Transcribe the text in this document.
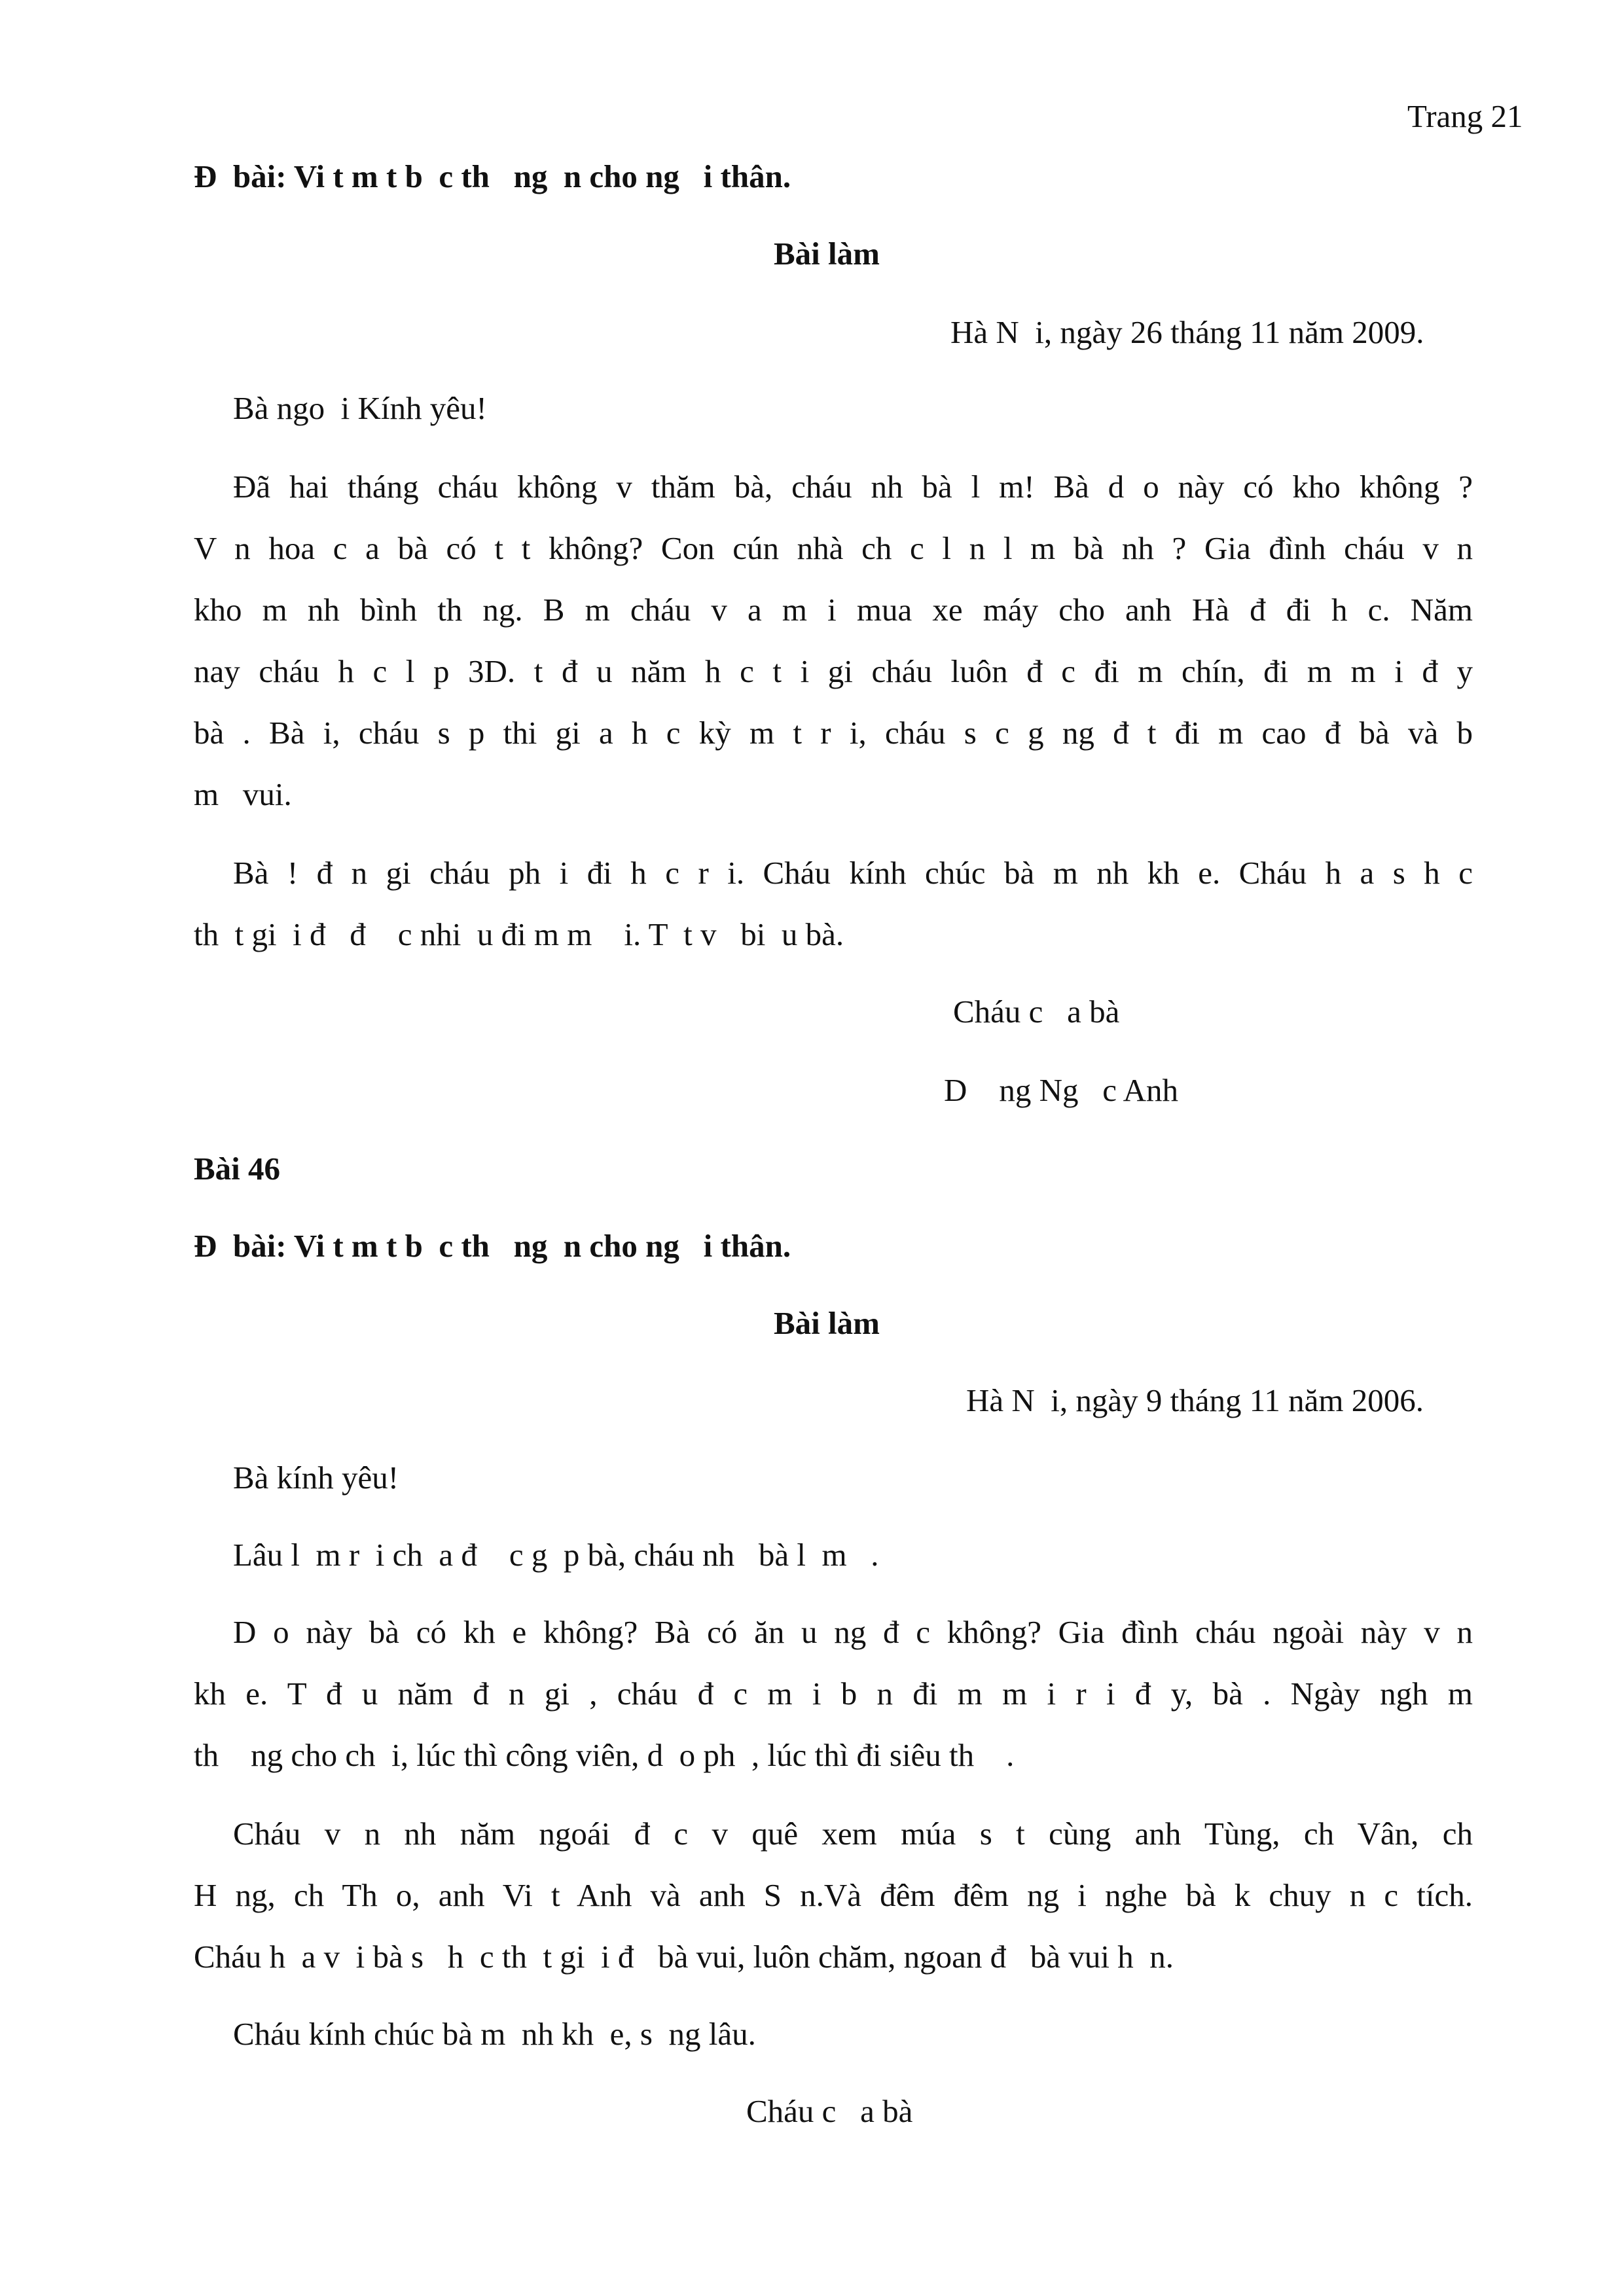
Trang 21
Đ  bài: Vi t m t b  c th   ng  n cho ng   i thân.
Bài làm
Hà N  i, ngày 26 tháng 11 năm 2009.
Bà ngo  i Kính yêu!
Đã hai tháng cháu không v thăm bà, cháu nh bà l m! Bà d o này có kho không ?
V n hoa c a bà có t t không? Con cún nhà ch c l n l m bà nh ? Gia đình cháu v n
kho m nh bình th ng. B m cháu v a m i mua xe máy cho anh Hà đ đi h c. Năm
nay cháu h c l p 3D. t đ u năm h c t i gi cháu luôn đ c đi m chín, đi m m i đ y
bà . Bà i, cháu s p thi gi a h c kỳ m t r i, cháu s c g ng đ t đi m cao đ bà và b
m   vui.
Bà ! đ n gi cháu ph i đi h c r i. Cháu kính chúc bà m nh kh e. Cháu h a s h c
th  t gi  i đ   đ    c nhi  u đi m m    i. T  t v   bi  u bà.
Cháu c   a bà
D    ng Ng   c Anh
Bài 46
Đ  bài: Vi t m t b  c th   ng  n cho ng   i thân.
Bài làm
Hà N  i, ngày 9 tháng 11 năm 2006.
Bà kính yêu!
Lâu l  m r  i ch  a đ    c g  p bà, cháu nh   bà l  m   .
D o này bà có kh e không? Bà có ăn u ng đ c không? Gia đình cháu ngoài này v n
kh e. T đ u năm đ n gi , cháu đ c m i b n đi m m i r i đ y, bà . Ngày ngh m
th    ng cho ch  i, lúc thì công viên, d  o ph  , lúc thì đi siêu th    .
Cháu v n nh năm ngoái đ c v quê xem múa s t cùng anh Tùng, ch Vân, ch
H ng, ch Th o, anh Vi t Anh và anh S n.Và đêm đêm ng i nghe bà k chuy n c tích.
Cháu h  a v  i bà s   h  c th  t gi  i đ   bà vui, luôn chăm, ngoan đ   bà vui h  n.
Cháu kính chúc bà m  nh kh  e, s  ng lâu.
Cháu c   a bà
